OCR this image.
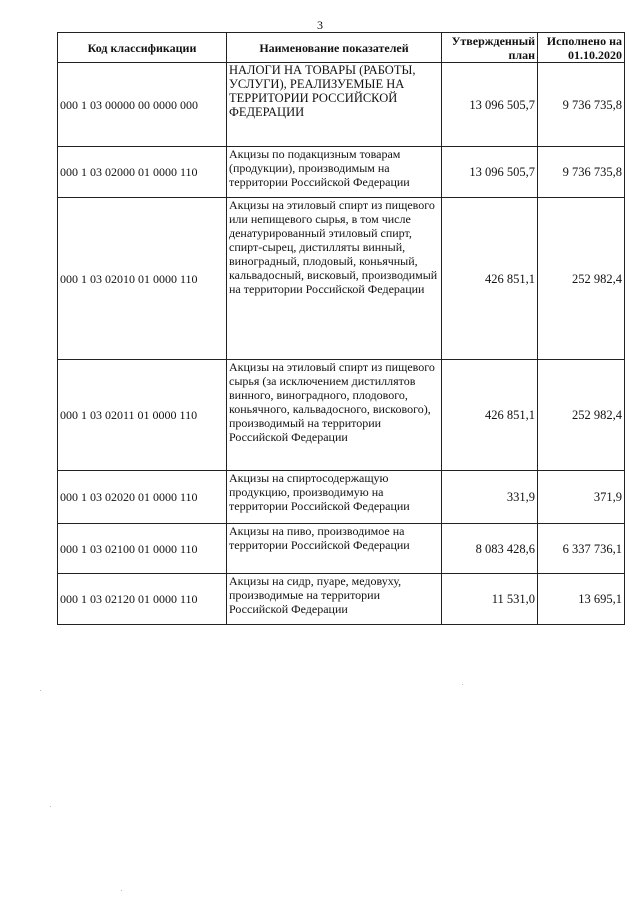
3
Код классификации	Наименование показателей	Утвержденный план	Исполнено на 01.10.2020
000 1 03 00000 00 0000 000	НАЛОГИ НА ТОВАРЫ (РАБОТЫ, УСЛУГИ), РЕАЛИЗУЕМЫЕ НА ТЕРРИТОРИИ РОССИЙСКОЙ ФЕДЕРАЦИИ	13 096 505,7	9 736 735,8
000 1 03 02000 01 0000 110	Акцизы по подакцизным товарам (продукции), производимым на территории Российской Федерации	13 096 505,7	9 736 735,8
000 1 03 02010 01 0000 110	Акцизы на этиловый спирт из пищевого или непищевого сырья, в том числе денатурированный этиловый спирт, спирт-сырец, дистилляты винный, виноградный, плодовый, коньячный, кальвадосный, висковый, производимый на территории Российской Федерации	426 851,1	252 982,4
000 1 03 02011 01 0000 110	Акцизы на этиловый спирт из пищевого сырья (за исключением дистиллятов винного, виноградного, плодового, коньячного, кальвадосного, вискового), производимый на территории Российской Федерации	426 851,1	252 982,4
000 1 03 02020 01 0000 110	Акцизы на спиртосодержащую продукцию, производимую на территории Российской Федерации	331,9	371,9
000 1 03 02100 01 0000 110	Акцизы на пиво, производимое на территории Российской Федерации	8 083 428,6	6 337 736,1
000 1 03 02120 01 0000 110	Акцизы на сидр, пуаре, медовуху, производимые на территории Российской Федерации	11 531,0	13 695,1
